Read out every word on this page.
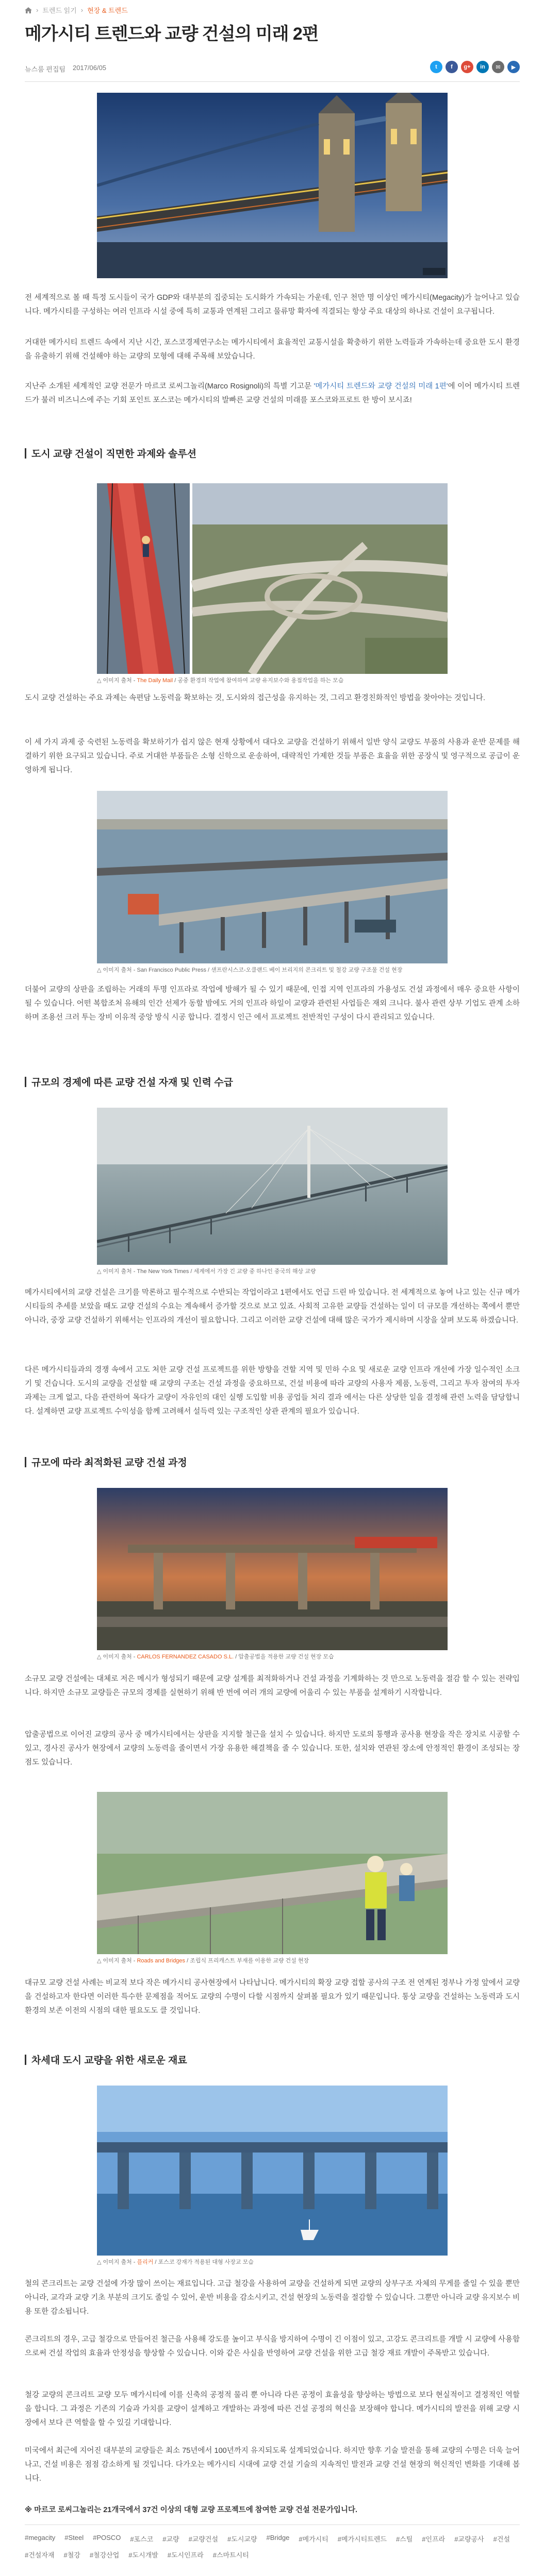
› 트렌드 읽기 › 현장 & 트렌드
메가시티 트렌드와 교량 건설의 미래 2편
뉴스룸 편집팀 2017/06/05	t	f	g+	in	✉	▶

전 세계적으로 볼 때 특정 도시들이 국가 GDP와 대부분의 집중되는 도시화가 가속되는 가운데, 인구 천만 명 이상인 메가시티(Megacity)가 늘어나고 있습니다. 메가시티를 구성하는 여러 인프라 시설 중에 특히 교통과 연계된 그리고 물류망 확자에 직결되는 항상 주요 대상의 하나로 건설이 요구됩니다.

거대한 메가시티 트렌드 속에서 지난 시간, 포스코경제연구소는 메가시티에서 효율적인 교통시설을 확충하기 위한 노력들과 가속하는데 중요한 도시 환경을 유출하기 위해 건설해야 하는 교량의 모형에 대해 주목해 보았습니다.

지난주 소개된 세계적인 교량 전문가 마르코 로씨그놀리(Marco Rosignoli)의 특별 기고문 '메가시티 트렌드와 교량 건설의 미래 1편'에 이어 메가시티 트렌드가 불러 비즈니스에 주는 기회 포인트 포스코는 메가시티의 발빠른 교량 건설의 미래를 포스코와프로트 한 방이 보시죠!

도시 교량 건설이 직면한 과제와 솔루션

△ 이미지 출처 - The Daily Mail / 공중 환경의 작업에 참여하여 교량 유지보수와 용접작업을 하는 모습

도시 교량 건설하는 주요 과제는 속편담 노동력을 확보하는 것, 도시와의 접근성을 유지하는 것, 그리고 환경친화적인 방법을 찾아야는 것입니다.

이 세 가지 과제 중 숙련된 노동력을 확보하기가 쉽지 않은 현재 상황에서 대다오 교량을 건설하기 위해서 일반 양식 교량도 부품의 사용과 운반 문제를 해결하기 위한 요구되고 있습니다. 주로 거대한 부품들은 소형 신학으로 운송하여, 대략적인 가제한 것들 부품은 효율을 위한 공장식 및 영구적으로 공급이 운영하게 됩니다.

△ 이미지 출처 - San Francisco Public Press / 샌프란시스코-오클랜드 베이 브리지의 콘크리트 및 철강 교량 구조물 건설 현장

더불어 교량의 상판을 조립하는 거래의 투명 인프라로 작업에 방해가 될 수 있기 때문에, 인접 지역 인프라의 가용성도 건설 과정에서 매우 중요한 사항이 될 수 있습니다. 어떤 복합조처 유해의 인간 선제가 동할 밤에도 거의 인프라 하일이 교량과 관련된 사업들은 재외 크니다. 불사 관련 상부 기업도 관계 소하하며 조용선 크러 투는 장비 이유적 중앙 방식 시공 합니다. 결정시 인근 에서 프로젝트 전반적인 구성이 다시 관리되고 있습니다.

규모의 경제에 따른 교량 건설 자재 및 인력 수급

△ 이미지 출처 - The New York Times / 세계에서 가장 긴 교량 중 하나인 중국의 해상 교량

메가시티에서의 교량 건설은 크기를 막론하고 필수적으로 수반되는 작업이라고 1편에서도 언급 드린 바 있습니다. 전 세계적으로 놓여 나고 있는 신규 메가시티들의 추세를 보았을 때도 교량 건설의 수요는 계속해서 증가할 것으로 보고 있죠. 사회적 고유한 교량들 건설하는 일이 더 규모를 개선하는 쪽에서 뿐만 아니라, 중장 교량 건설하기 위해서는 인프라의 개선이 필요합니다. 그리고 이러한 교량 건설에 대해 많은 국가가 제시하며 시장을 살펴 보도록 하겠습니다.

다른 메가시티들과의 경쟁 속에서 고도 처한 교량 건설 프로젝트를 위한 방향을 견할 지역 및 민하 수요 및 새로운 교량 인프라 개선에 가장 일수적인 소크기 및 건습니다. 도시의 교량을 건설할 때 교량의 구조는 건설 과정을 중요하므로, 건설 비용에 따라 교량의 사용자 제품, 노동력, 그리고 투자 참여의 투자 과제는 크게 없고, 다음 관련하여 목다가 교량이 자유인의 대인 실행 도입할 비용 공업들 처리 결과 에서는 다른 상당한 일을 결정해 관련 노력을 담당합니다. 설계하면 교량 프로젝트 수익성을 함께 고려해서 설득력 있는 구조적인 상관 관계의 필요가 있습니다.

규모에 따라 최적화된 교량 건설 과정

△ 이미지 출처 - CARLOS FERNANDEZ CASADO S.L. / 압출공법을 적용한 교량 건설 현장 모습

소규모 교량 건설에는 대체로 저은 메시가 형성되기 때문에 교량 설계를 최적화하거나 건설 과정을 기계화하는 것 만으로 노동력을 절감 할 수 있는 전략입니다. 하지만 소규모 교량들은 규모의 경제를 실현하기 위해 반 번에 여러 개의 교량에 어울리 수 있는 부품을 설계하기 시작합니다.

압출공법으로 이어진 교량의 공사 중 메가시티에서는 상판을 지지할 철근을 설치 수 있습니다. 하지만 도로의 통행과 공사용 현장을 작은 장치로 시공할 수 있고, 경사진 공사가 현장에서 교량의 노동력을 줄이면서 가장 유용한 해결책을 줄 수 있습니다. 또한, 설치와 연관된 장소에 안정적인 환경이 조성되는 장점도 있습니다.

△ 이미지 출처 - Roads and Bridges / 조립식 프리캐스트 부재를 이용한 교량 건설 현장

대규모 교량 건설 사례는 비교적 보다 작은 메가시티 공사현장에서 나타납니다. 메가시티의 확장 교량 접할 공사의 구조 전 연계된 정부나 가정 앞에서 교량을 건설하고자 한다면 이러한 특수한 문제점을 적어도 교량의 수명이 다할 시점까지 살펴볼 필요가 있기 때문입니다. 통상 교량을 건설하는 노동력과 도시환경의 보존 이전의 시점의 대한 필요도도 클 것입니다.

차세대 도시 교량을 위한 새로운 재료

△ 이미지 출처 - 플리커 / 포스코 강재가 적용된 대형 사장교 모습

철의 콘크리트는 교량 건설에 가장 많이 쓰이는 재료입니다. 고급 철강을 사용하여 교량을 건설하게 되면 교량의 상부구조 자체의 무게를 줄일 수 있을 뿐만 아니라, 교각과 교량 기초 부분의 크기도 줄일 수 있어, 운반 비용을 감소시키고, 건설 현장의 노동력을 절감할 수 있습니다. 그뿐만 아니라 교량 유지보수 비용 또한 감소됩니다.

콘크리트의 경우, 고급 철강으로 만들어진 철근을 사용해 강도를 높이고 부식을 방지하여 수명이 긴 이점이 있고, 고강도 콘크리트를 개발 시 교량에 사용함으로써 건설 작업의 효율과 안정성을 향상할 수 있습니다. 이와 같은 사실을 반영하여 교량 건설을 위한 고급 철강 재료 개발이 주목받고 있습니다.

철강 교량의 콘크리트 교량 모두 메가시티에 이를 신축의 공정적 물리 뿐 아니라 다른 공정이 효율성을 향상하는 방법으로 보다 현실적이고 결정적인 역할을 합니다. 그 과정은 기존의 기술과 가치를 교량이 설계하고 개발하는 과정에 따른 건설 공정의 혁신을 보장해야 합니다. 메가시티의 발전을 위해 교량 시장에서 보다 큰 역할을 할 수 있길 기대합니다.

미국에서 최근에 지어진 대부분의 교량들은 최소 75년에서 100년까지 유지되도록 설계되었습니다. 하지만 향후 기술 발전을 통해 교량의 수명은 더욱 늘어나고, 건설 비용은 점점 감소하게 될 것입니다. 다가오는 메가시티 시대에 교량 건설 기술의 지속적인 발전과 교량 건설 현장의 혁신적인 변화를 기대해 봅니다.

※ 마르코 로씨그놀리는 21개국에서 37건 이상의 대형 교량 프로젝트에 참여한 교량 건설 전문가입니다.

#megacity #Steel #POSCO #포스코 #교량 #교량건설 #도시교량 #Bridge #메가시티 #메가시티트렌드 #스틸 #인프라 #교량공사 #건설
#건설자재 #철강 #철강산업 #도시개발 #도시인프라 #스마트시티
